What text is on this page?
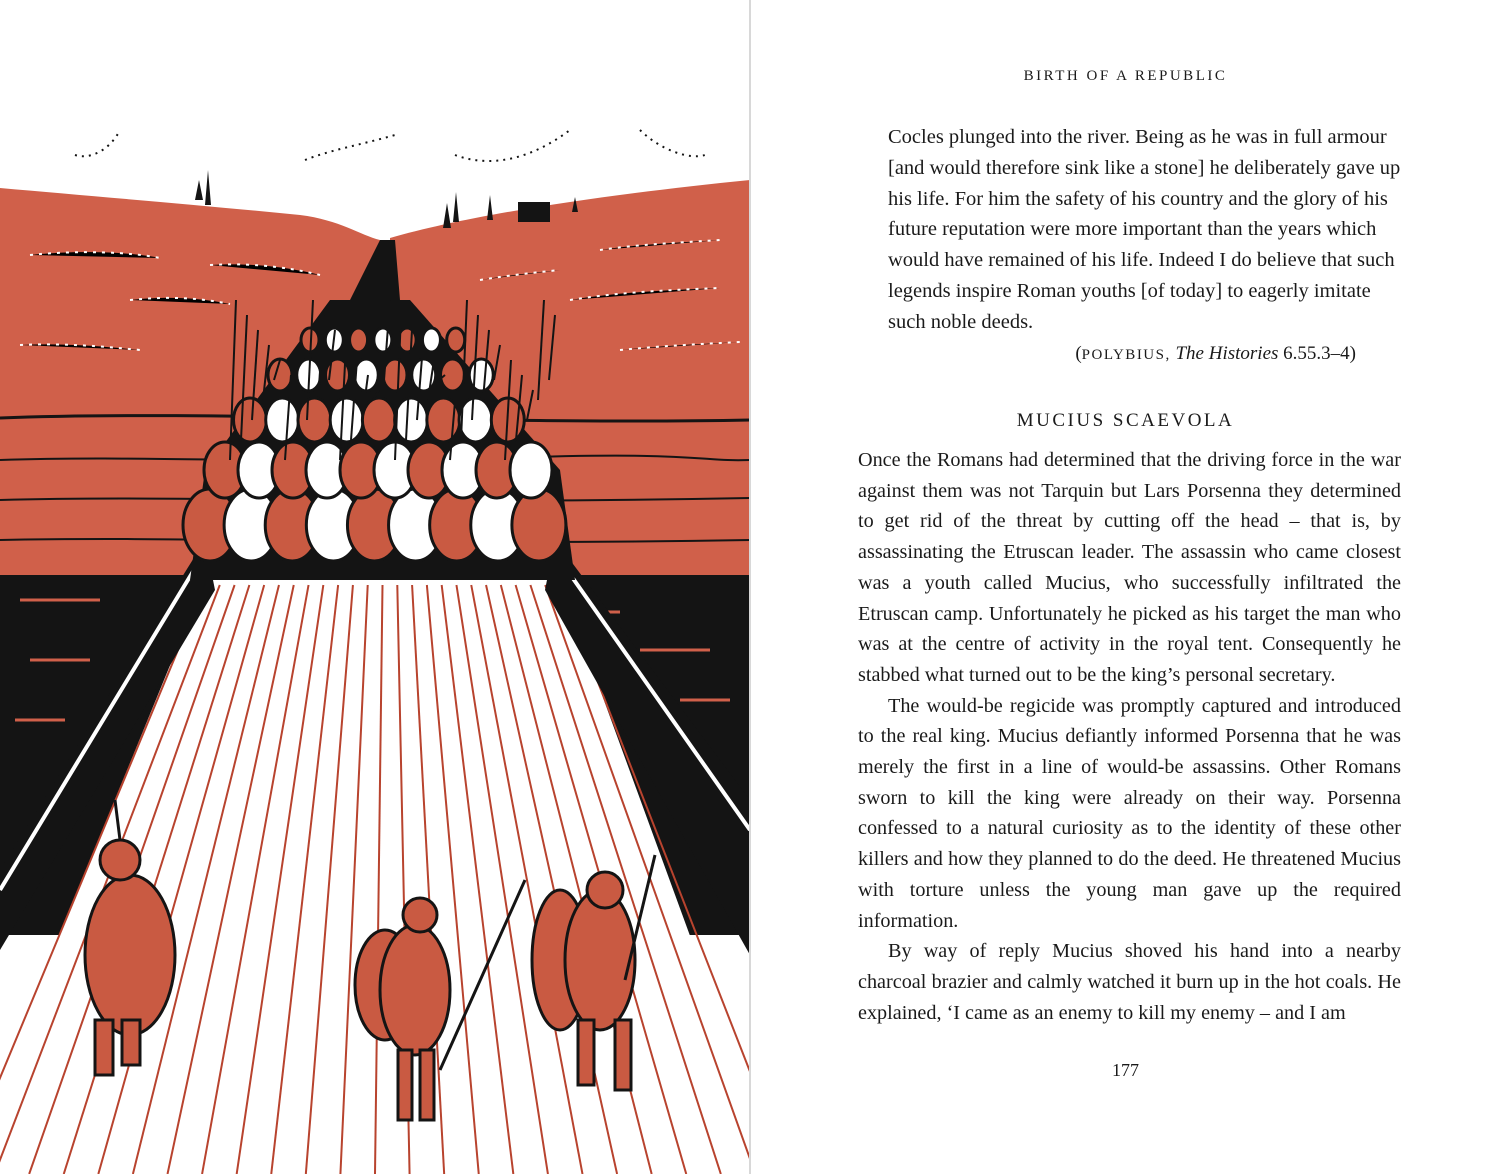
BIRTH OF A REPUBLIC

Cocles plunged into the river. Being as he was in full armour [and would therefore sink like a stone] he deliberately gave up his life. For him the safety of his country and the glory of his future reputation were more important than the years which would have remained of his life. Indeed I do believe that such legends inspire Roman youths [of today] to eagerly imitate such noble deeds.

(POLYBIUS, The Histories 6.55.3–4)
MUCIUS SCAEVOLA

Once the Romans had determined that the driving force in the war against them was not Tarquin but Lars Porsenna they determined to get rid of the threat by cutting off the head – that is, by assassinating the Etruscan leader. The assassin who came closest was a youth called Mucius, who successfully infiltrated the Etruscan camp. Unfortunately he picked as his target the man who was at the centre of activity in the royal tent. Consequently he stabbed what turned out to be the king’s personal secretary.

The would-be regicide was promptly captured and introduced to the real king. Mucius defiantly informed Porsenna that he was merely the first in a line of would-be assassins. Other Romans sworn to kill the king were already on their way. Porsenna confessed to a natural curiosity as to the identity of these other killers and how they planned to do the deed. He threatened Mucius with torture unless the young man gave up the required information.

By way of reply Mucius shoved his hand into a nearby charcoal brazier and calmly watched it burn up in the hot coals. He explained, ‘I came as an enemy to kill my enemy – and I am

177
